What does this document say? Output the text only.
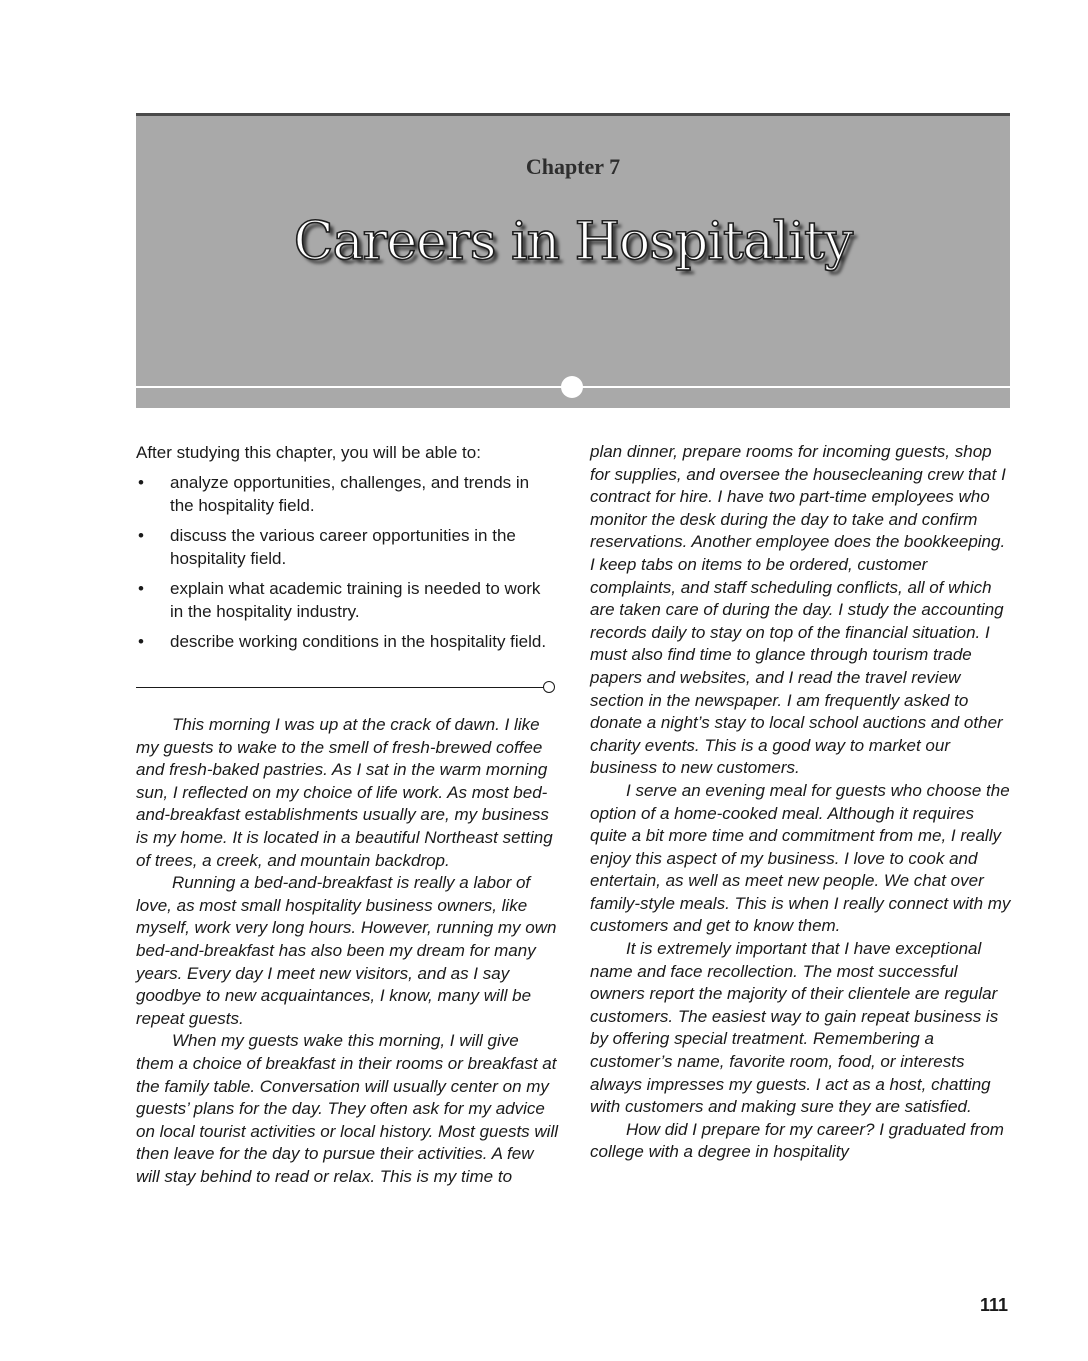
Chapter 7
Careers in Hospitality

After studying this chapter, you will be able to:

• analyze opportunities, challenges, and trends in the hospitality field.
• discuss the various career opportunities in the hospitality field.
• explain what academic training is needed to work in the hospitality industry.
• describe working conditions in the hospitality field.

This morning I was up at the crack of dawn. I like my guests to wake to the smell of fresh-brewed coffee and fresh-baked pastries. As I sat in the warm morning sun, I reflected on my choice of life work. As most bed-and-breakfast establishments usually are, my business is my home. It is located in a beautiful Northeast setting of trees, a creek, and mountain backdrop.

Running a bed-and-breakfast is really a labor of love, as most small hospitality business owners, like myself, work very long hours. However, running my own bed-and-breakfast has also been my dream for many years. Every day I meet new visitors, and as I say goodbye to new acquaintances, I know, many will be repeat guests.

When my guests wake this morning, I will give them a choice of breakfast in their rooms or breakfast at the family table. Conversation will usually center on my guests’ plans for the day. They often ask for my advice on local tourist activities or local history. Most guests will then leave for the day to pursue their activities. A few will stay behind to read or relax. This is my time to

plan dinner, prepare rooms for incoming guests, shop for supplies, and oversee the housecleaning crew that I contract for hire. I have two part-time employees who monitor the desk during the day to take and confirm reservations. Another employee does the bookkeeping. I keep tabs on items to be ordered, customer complaints, and staff scheduling conflicts, all of which are taken care of during the day. I study the accounting records daily to stay on top of the financial situation. I must also find time to glance through tourism trade papers and websites, and I read the travel review section in the newspaper. I am frequently asked to donate a night’s stay to local school auctions and other charity events. This is a good way to market our business to new customers.

I serve an evening meal for guests who choose the option of a home-cooked meal. Although it requires quite a bit more time and commitment from me, I really enjoy this aspect of my business. I love to cook and entertain, as well as meet new people. We chat over family-style meals. This is when I really connect with my customers and get to know them.

It is extremely important that I have exceptional name and face recollection. The most successful owners report the majority of their clientele are regular customers. The easiest way to gain repeat business is by offering special treatment. Remembering a customer’s name, favorite room, food, or interests always impresses my guests. I act as a host, chatting with customers and making sure they are satisfied.

How did I prepare for my career? I graduated from college with a degree in hospitality

111
